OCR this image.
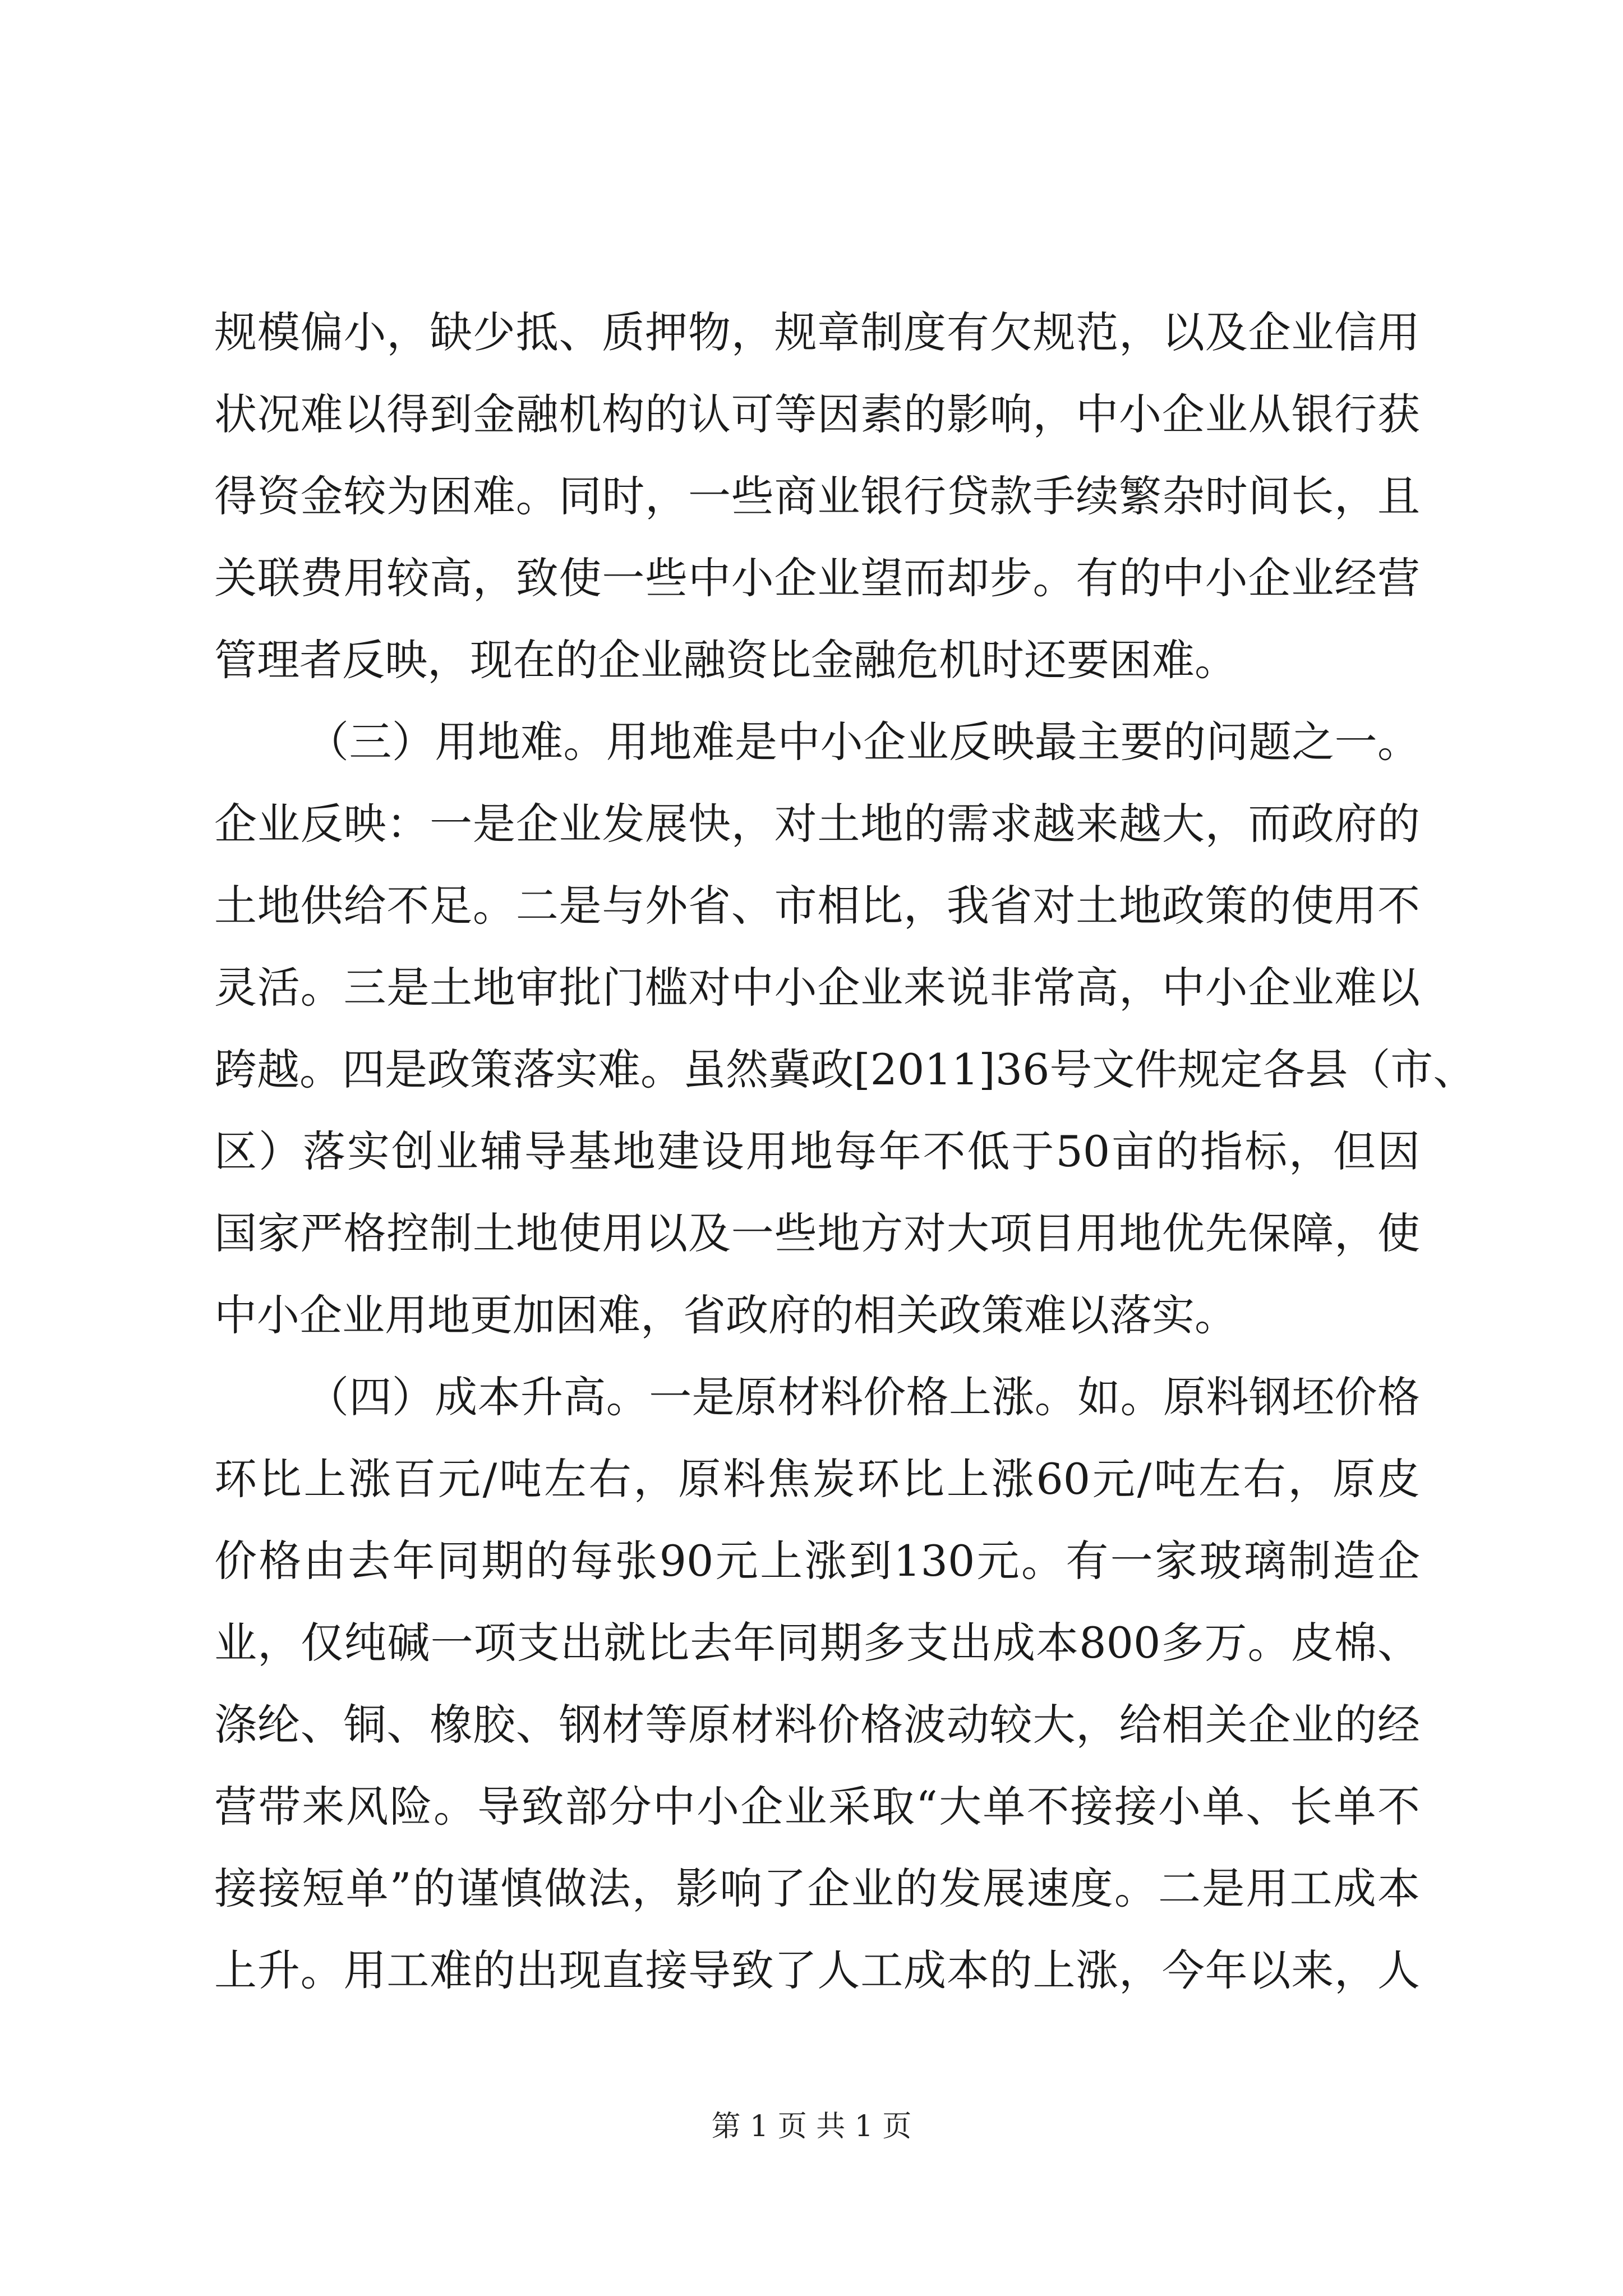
规模偏小，缺少抵、质押物，规章制度有欠规范，以及企业信用
状况难以得到金融机构的认可等因素的影响，中小企业从银行获
得资金较为困难。同时，一些商业银行贷款手续繁杂时间长，且
关联费用较高，致使一些中小企业望而却步。有的中小企业经营
管理者反映，现在的企业融资比金融危机时还要困难。
（三）用地难。用地难是中小企业反映最主要的问题之一。
企业反映：一是企业发展快，对土地的需求越来越大，而政府的
土地供给不足。二是与外省、市相比，我省对土地政策的使用不
灵活。三是土地审批门槛对中小企业来说非常高，中小企业难以
跨越。四是政策落实难。虽然冀政[2011]36号文件规定各县（市、
区）落实创业辅导基地建设用地每年不低于50亩的指标，但因
国家严格控制土地使用以及一些地方对大项目用地优先保障，使
中小企业用地更加困难，省政府的相关政策难以落实。
（四）成本升高。一是原材料价格上涨。如。原料钢坯价格
环比上涨百元/吨左右，原料焦炭环比上涨60元/吨左右，原皮
价格由去年同期的每张90元上涨到130元。有一家玻璃制造企
业，仅纯碱一项支出就比去年同期多支出成本800多万。皮棉、
涤纶、铜、橡胶、钢材等原材料价格波动较大，给相关企业的经
营带来风险。导致部分中小企业采取“大单不接接小单、长单不
接接短单”的谨慎做法，影响了企业的发展速度。二是用工成本
上升。用工难的出现直接导致了人工成本的上涨，今年以来，人
第 1 页 共 1 页
